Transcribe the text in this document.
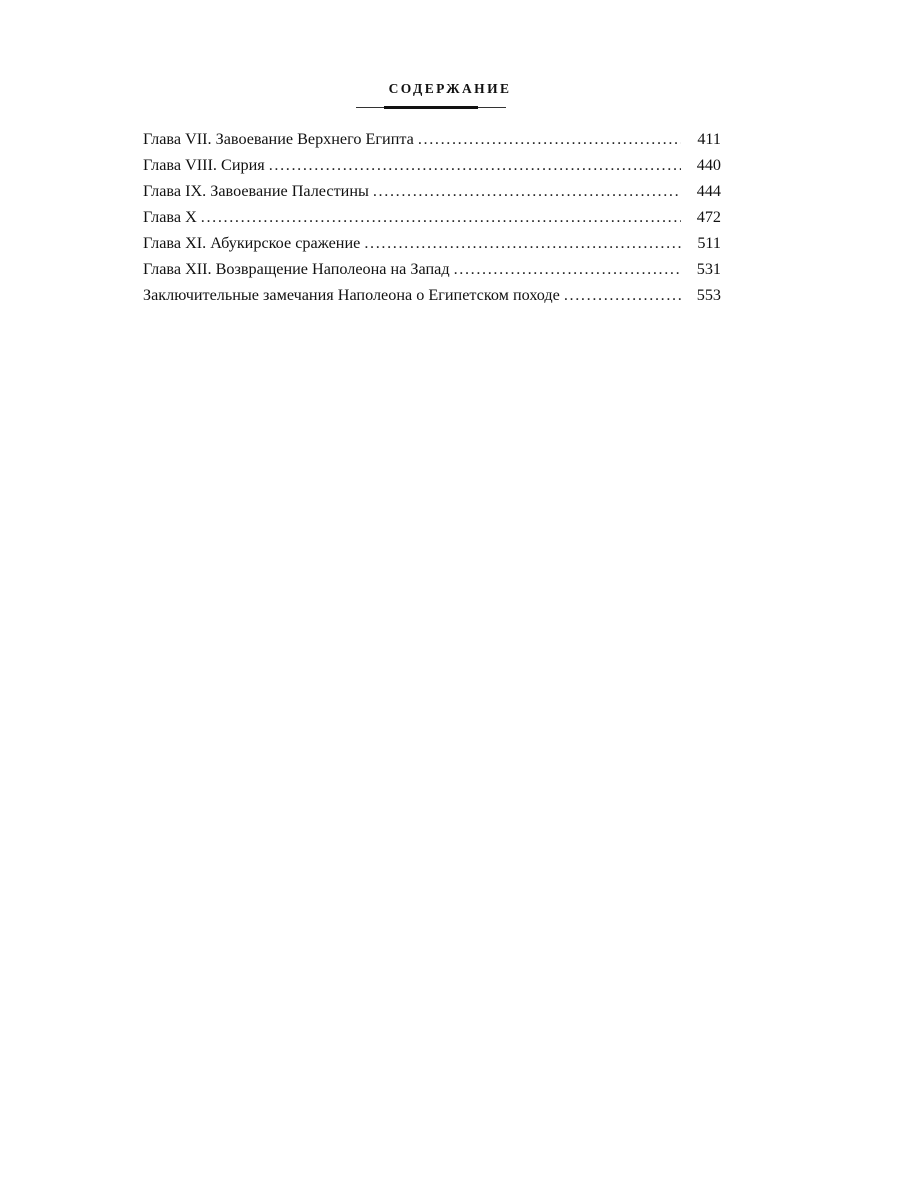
СОДЕРЖАНИЕ
Глава VII. Завоевание Верхнего Египта . . .	411
Глава VIII. Сирия . . .	440
Глава IX. Завоевание Палестины . . .	444
Глава X . . .	472
Глава XI. Абукирское сражение . . .	511
Глава XII. Возвращение Наполеона на Запад . . .	531
Заключительные замечания Наполеона о Египетском походе . . .	553
